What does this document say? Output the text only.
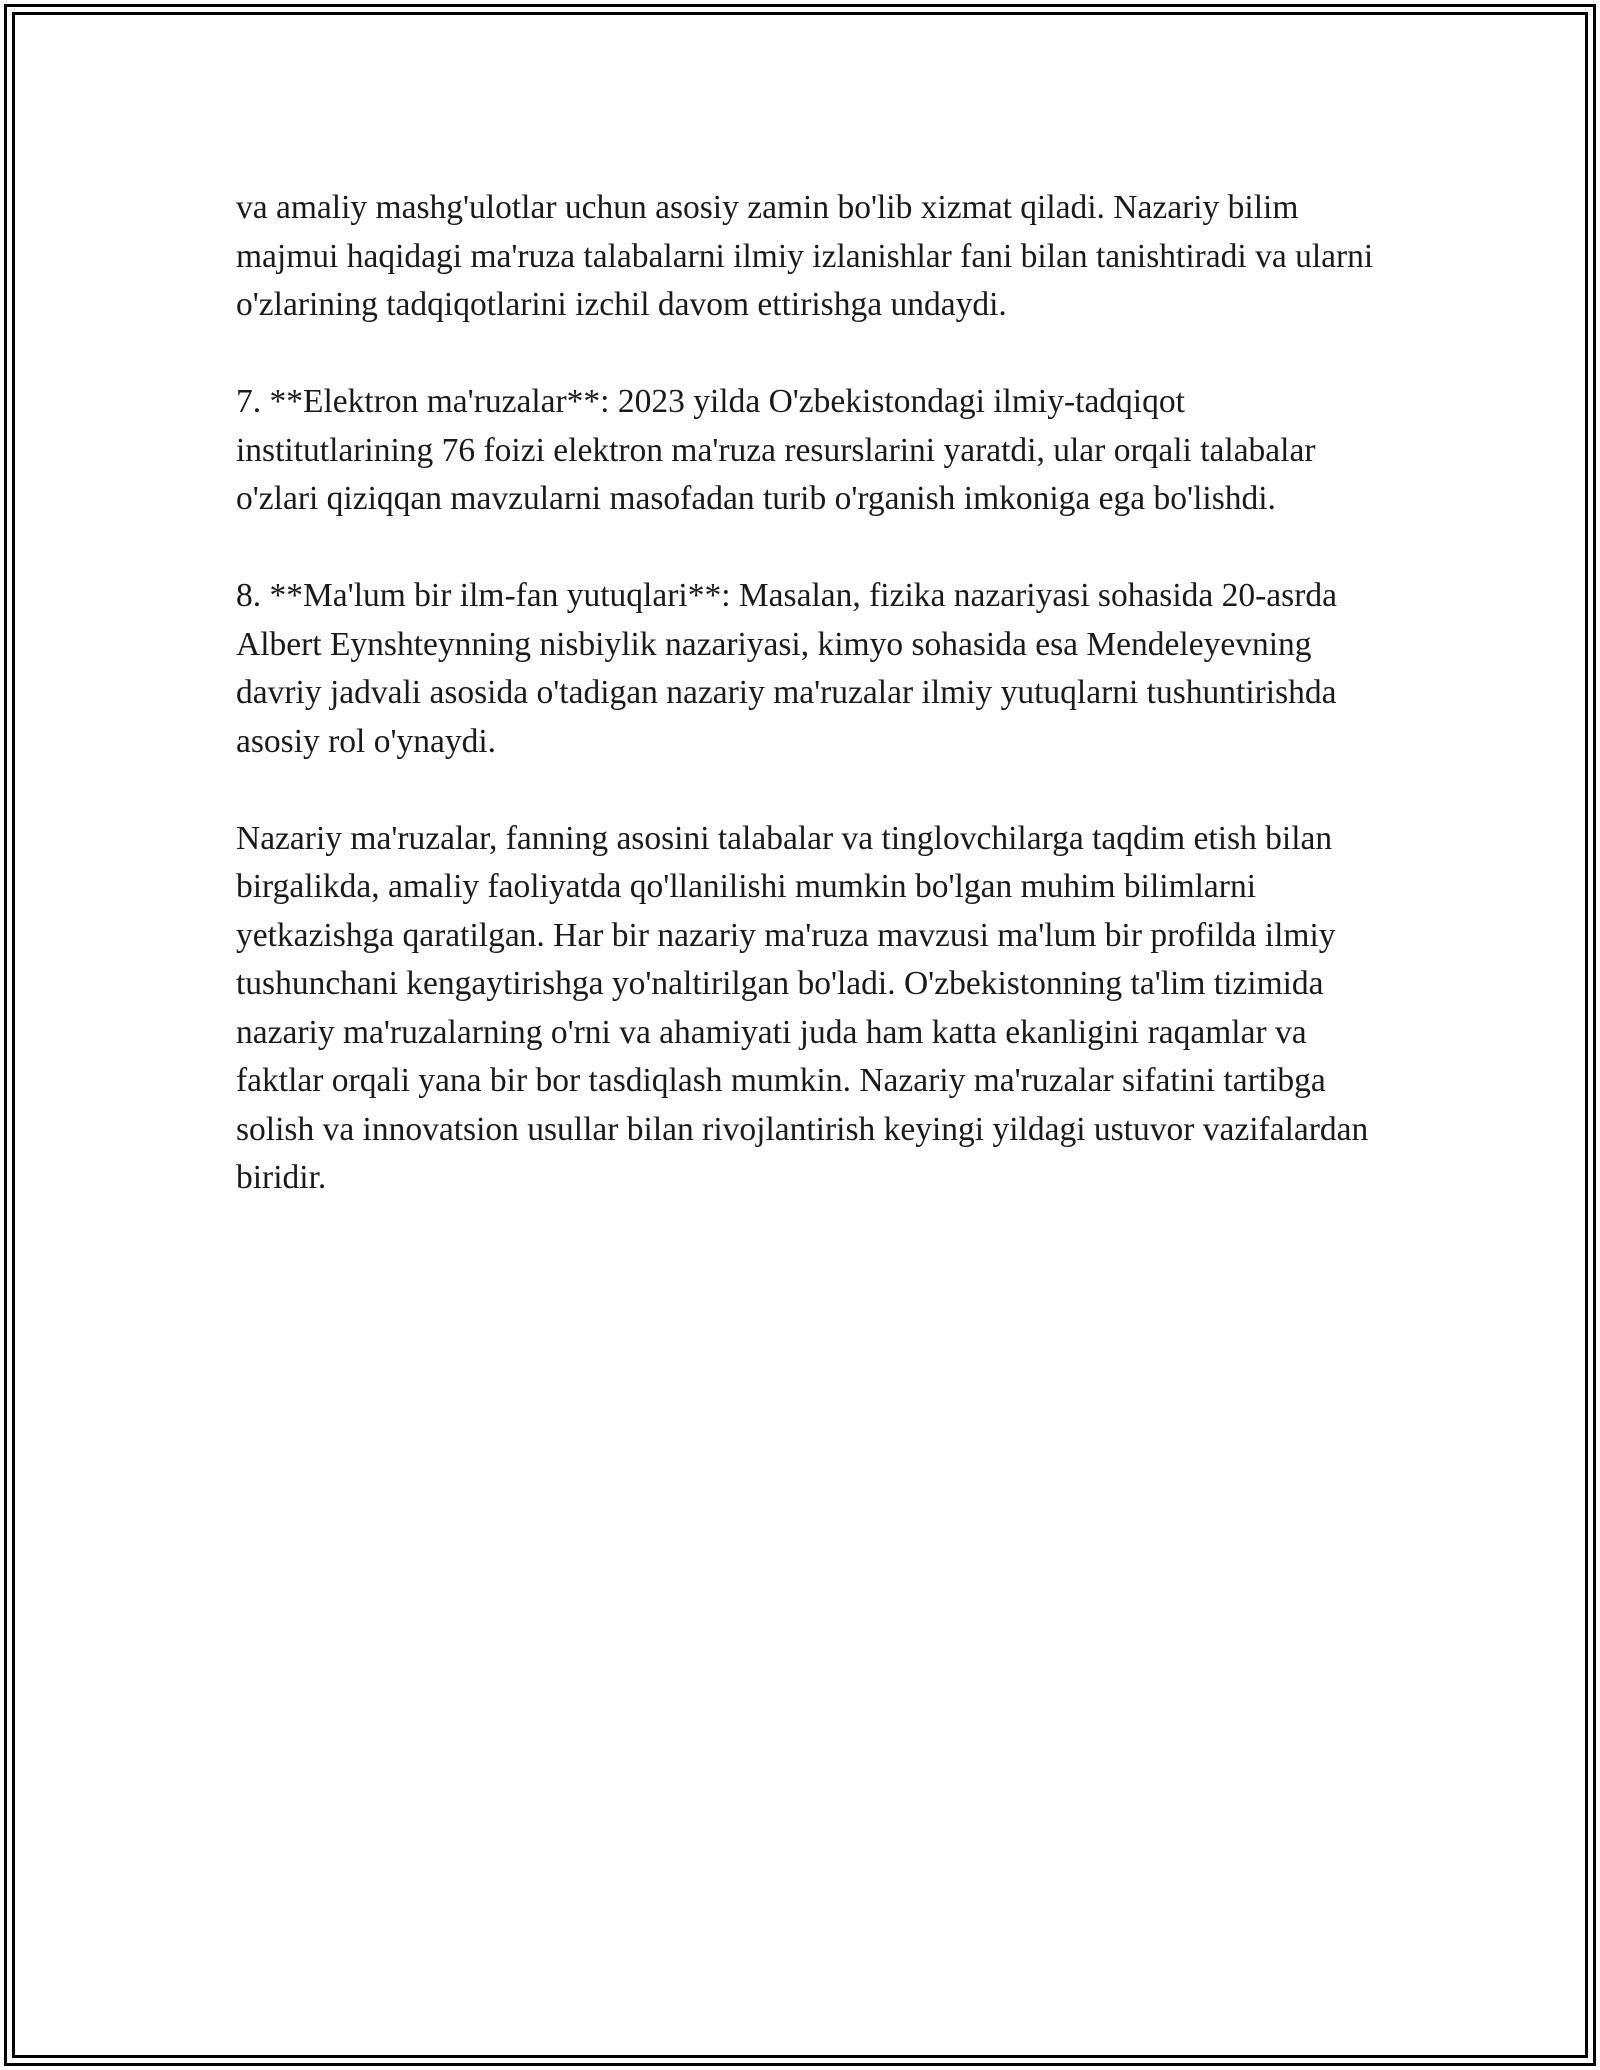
va amaliy mashg'ulotlar uchun asosiy zamin bo'lib xizmat qiladi. Nazariy bilim majmui haqidagi ma'ruza talabalarni ilmiy izlanishlar fani bilan tanishtiradi va ularni o'zlarining tadqiqotlarini izchil davom ettirishga undaydi.

7. **Elektron ma'ruzalar**: 2023 yilda O'zbekistondagi ilmiy-tadqiqot institutlarining 76 foizi elektron ma'ruza resurslarini yaratdi, ular orqali talabalar o'zlari qiziqqan mavzularni masofadan turib o'rganish imkoniga ega bo'lishdi.

8. **Ma'lum bir ilm-fan yutuqlari**: Masalan, fizika nazariyasi sohasida 20-asrda Albert Eynshteynning nisbiylik nazariyasi, kimyo sohasida esa Mendeleyevning davriy jadvali asosida o'tadigan nazariy ma'ruzalar ilmiy yutuqlarni tushuntirishda asosiy rol o'ynaydi.

Nazariy ma'ruzalar, fanning asosini talabalar va tinglovchilarga taqdim etish bilan birgalikda, amaliy faoliyatda qo'llanilishi mumkin bo'lgan muhim bilimlarni yetkazishga qaratilgan. Har bir nazariy ma'ruza mavzusi ma'lum bir profilda ilmiy tushunchani kengaytirishga yo'naltirilgan bo'ladi. O'zbekistonning ta'lim tizimida nazariy ma'ruzalarning o'rni va ahamiyati juda ham katta ekanligini raqamlar va faktlar orqali yana bir bor tasdiqlash mumkin. Nazariy ma'ruzalar sifatini tartibga solish va innovatsion usullar bilan rivojlantirish keyingi yildagi ustuvor vazifalardan biridir.
